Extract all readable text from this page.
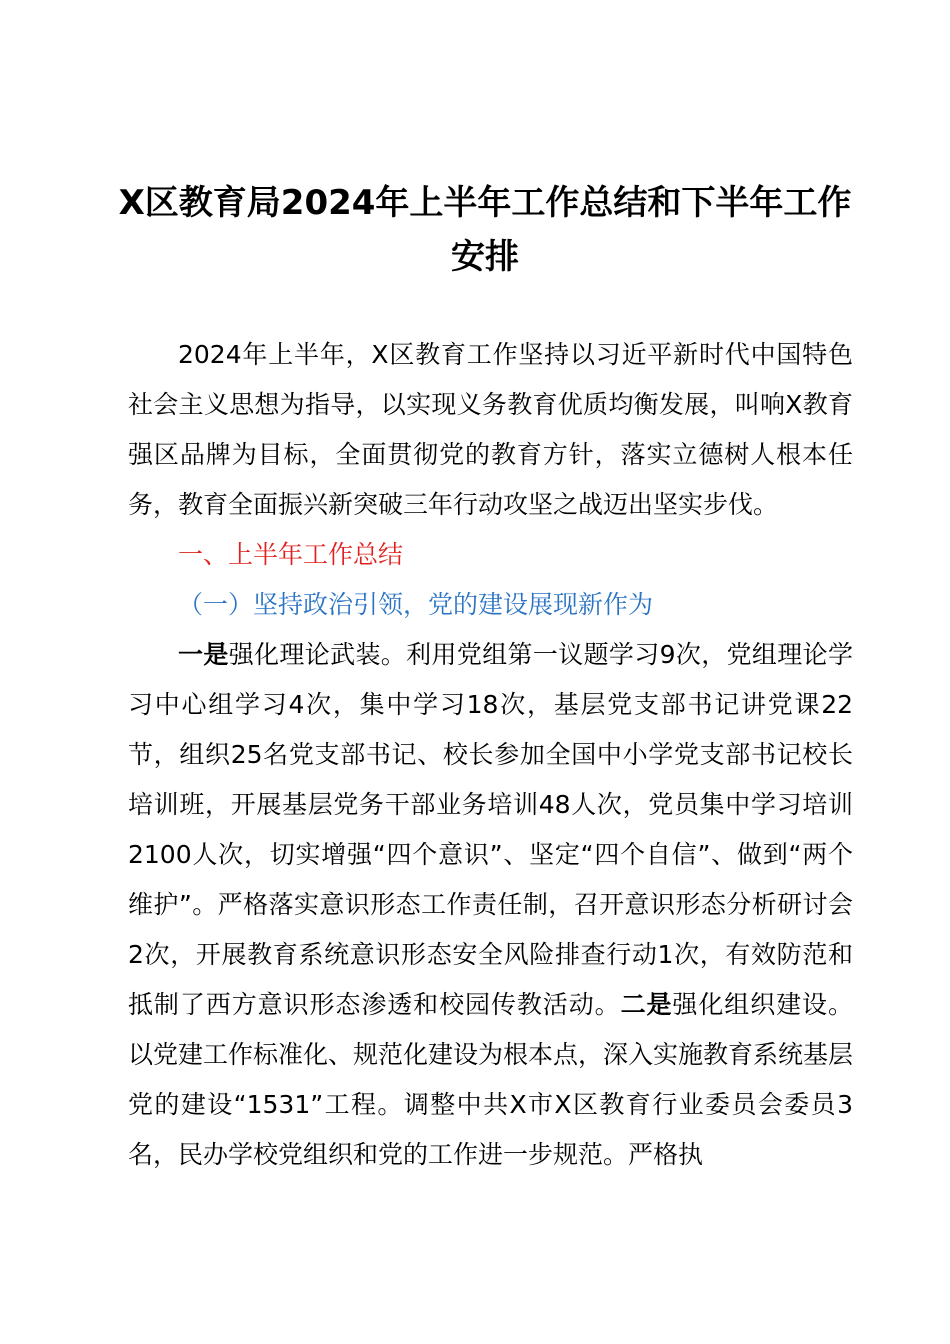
X区教育局2024年上半年工作总结和下半年工作安排

2024年上半年，X区教育工作坚持以习近平新时代中国特色社会主义思想为指导，以实现义务教育优质均衡发展，叫响X教育强区品牌为目标，全面贯彻党的教育方针，落实立德树人根本任务，教育全面振兴新突破三年行动攻坚之战迈出坚实步伐。

一、上半年工作总结

（一）坚持政治引领，党的建设展现新作为

一是强化理论武装。利用党组第一议题学习9次，党组理论学习中心组学习4次，集中学习18次，基层党支部书记讲党课22节，组织25名党支部书记、校长参加全国中小学党支部书记校长培训班，开展基层党务干部业务培训48人次，党员集中学习培训2100人次，切实增强“四个意识”、坚定“四个自信”、做到“两个维护”。严格落实意识形态工作责任制，召开意识形态分析研讨会2次，开展教育系统意识形态安全风险排查行动1次，有效防范和抵制了西方意识形态渗透和校园传教活动。二是强化组织建设。以党建工作标准化、规范化建设为根本点，深入实施教育系统基层党的建设“1531”工程。调整中共X市X区教育行业委员会委员3名，民办学校党组织和党的工作进一步规范。严格执
